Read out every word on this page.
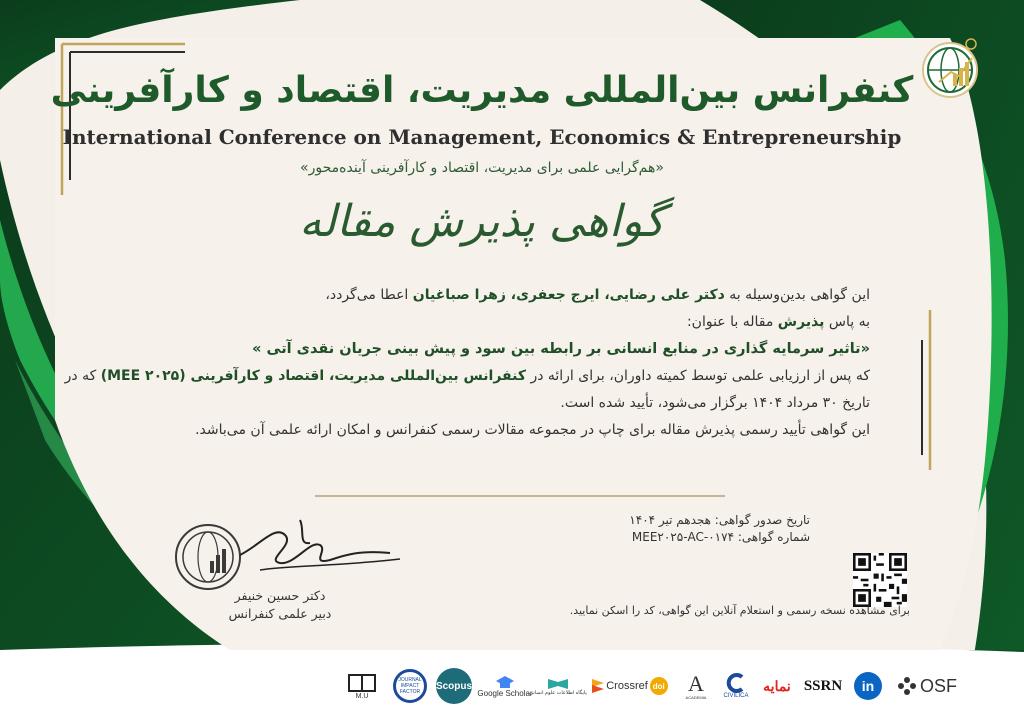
کنفرانس بین‌المللی مدیریت، اقتصاد و کارآفرینی
International Conference on Management, Economics & Entrepreneurship
«هم‌گرایی علمی برای مدیریت، اقتصاد و کارآفرینی آینده‌محور»
گواهی پذیرش مقاله
این گواهی بدین‌وسیله به دکتر علی رضایی، ایرج جعفری، زهرا صباغیان اعطا می‌گردد،
به پاس پذیرش مقاله با عنوان:
«تاثیر سرمایه گذاری در منابع انسانی بر رابطه بین سود و پیش بینی جریان نقدی آتی »
که پس از ارزیابی علمی توسط کمیته داوران، برای ارائه در کنفرانس بین‌المللی مدیریت، اقتصاد و کارآفرینی (MEE ۲۰۲۵) که در
تاریخ ۳۰ مرداد ۱۴۰۴ برگزار می‌شود، تأیید شده است.
این گواهی تأیید رسمی پذیرش مقاله برای چاپ در مجموعه مقالات رسمی کنفرانس و امکان ارائه علمی آن می‌باشد.
دکتر حسین خنیفر
دبیر علمی کنفرانس
تاریخ صدور گواهی: هجدهم تیر ۱۴۰۴
شماره گواهی: MEE۲۰۲۵-AC-۰۱۷۴
برای مشاهده نسخه رسمی و استعلام آنلاین این گواهی، کد را اسکن نمایید.
M.U
JOURNAL IMPACT FACTOR
Scopus
Google Scholar
پایگاه اطلاعات علوم انسانی
Crossref doi A
ACADEMIA	CIVILICA
نمایه SSRN in	OSF
